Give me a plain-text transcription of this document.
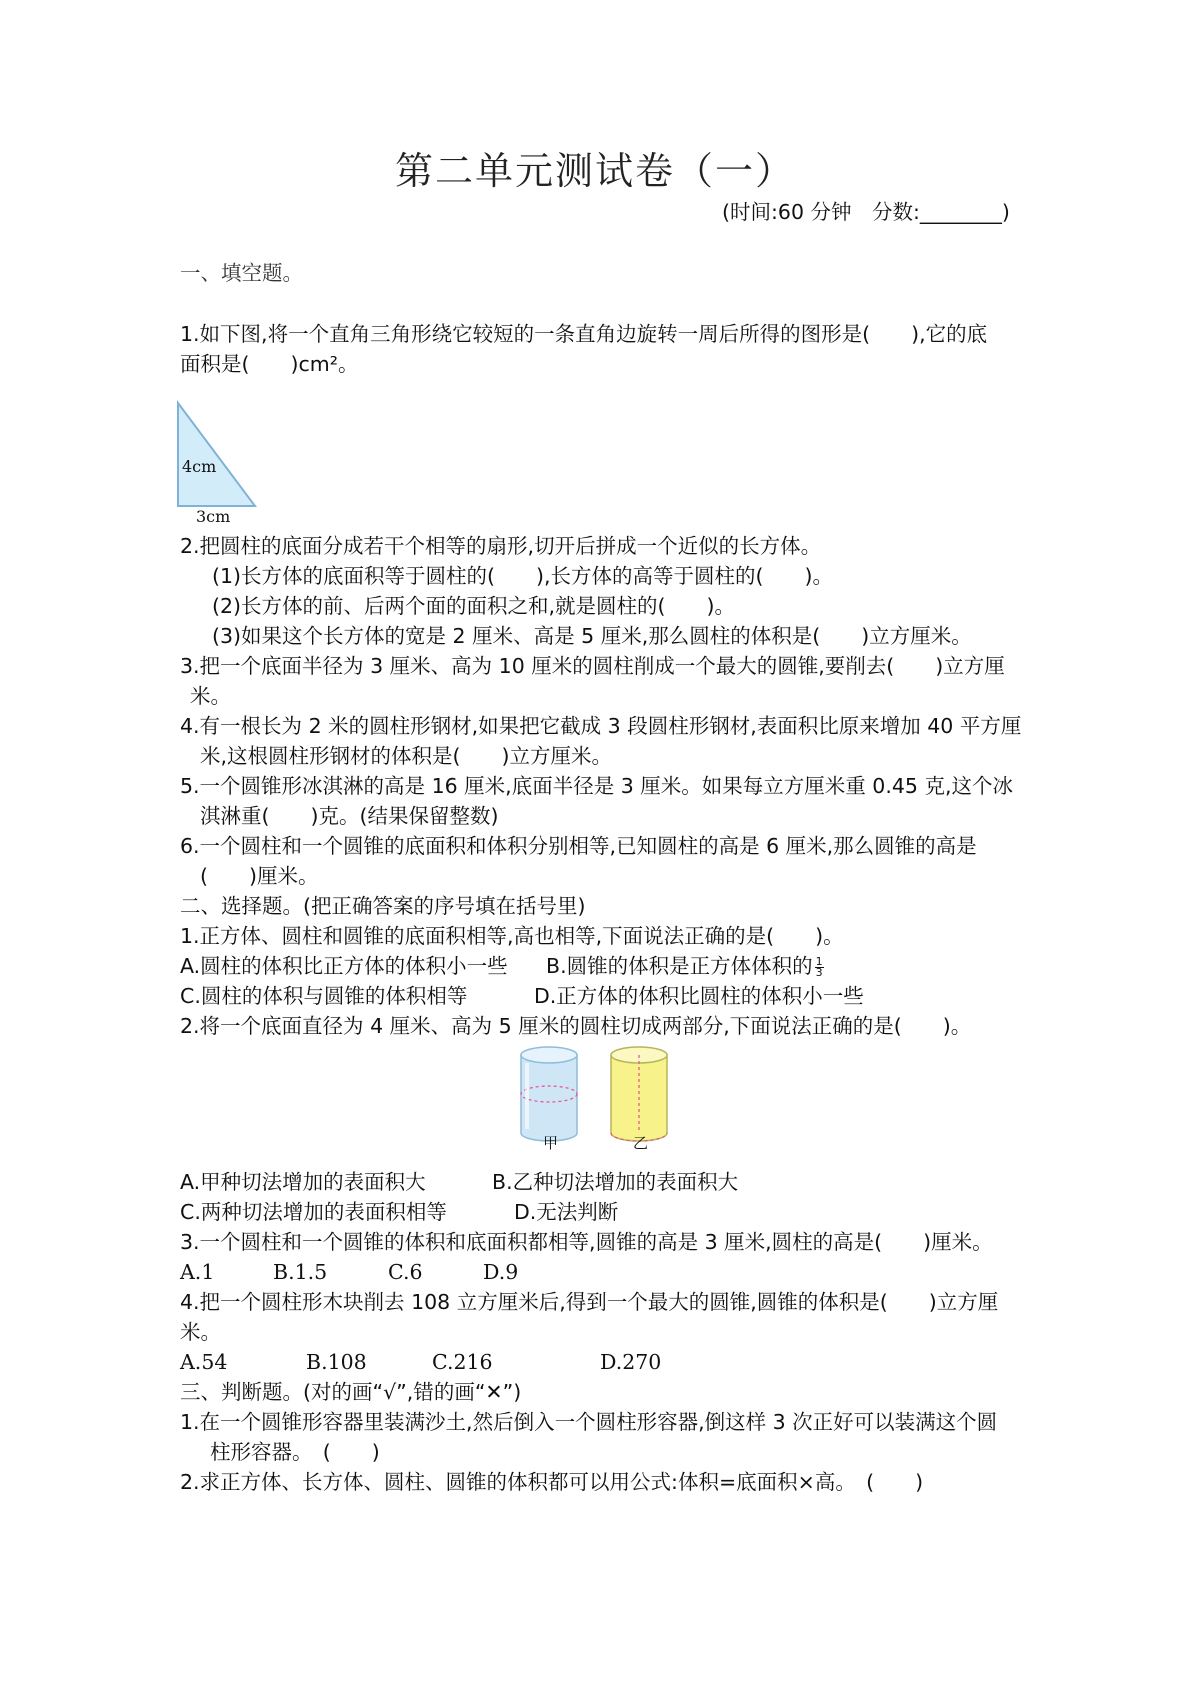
第二单元测试卷（一）
(时间:60 分钟　分数:________)
一、填空题。
1.如下图,将一个直角三角形绕它较短的一条直角边旋转一周后所得的图形是(　　),它的底
面积是(　　)cm²。
4cm
3cm
2.把圆柱的底面分成若干个相等的扇形,切开后拼成一个近似的长方体。
(1)长方体的底面积等于圆柱的(　　),长方体的高等于圆柱的(　　)。
(2)长方体的前、后两个面的面积之和,就是圆柱的(　　)。
(3)如果这个长方体的宽是 2 厘米、高是 5 厘米,那么圆柱的体积是(　　)立方厘米。
3.把一个底面半径为 3 厘米、高为 10 厘米的圆柱削成一个最大的圆锥,要削去(　　)立方厘
米。
4.有一根长为 2 米的圆柱形钢材,如果把它截成 3 段圆柱形钢材,表面积比原来增加 40 平方厘
米,这根圆柱形钢材的体积是(　　)立方厘米。
5.一个圆锥形冰淇淋的高是 16 厘米,底面半径是 3 厘米。如果每立方厘米重 0.45 克,这个冰
淇淋重(　　)克。(结果保留整数)
6.一个圆柱和一个圆锥的底面积和体积分别相等,已知圆柱的高是 6 厘米,那么圆锥的高是
(　　)厘米。
二、选择题。(把正确答案的序号填在括号里)
1.正方体、圆柱和圆锥的底面积相等,高也相等,下面说法正确的是(　　)。
A.圆柱的体积比正方体的体积小一些 B.圆锥的体积是正方体体积的 $\frac{1}{3}$
C.圆柱的体积与圆锥的体积相等	D.正方体的体积比圆柱的体积小一些
2.将一个底面直径为 4 厘米、高为 5 厘米的圆柱切成两部分,下面说法正确的是(　　)。
甲	乙
A.甲种切法增加的表面积大	B.乙种切法增加的表面积大
C.两种切法增加的表面积相等	D.无法判断
3.一个圆柱和一个圆锥的体积和底面积都相等,圆锥的高是 3 厘米,圆柱的高是(　　)厘米。
A.1	B.1.5	C.6	D.9
4.把一个圆柱形木块削去 108 立方厘米后,得到一个最大的圆锥,圆锥的体积是(　　)立方厘
米。
A.54	B.108	C.216	D.270
三、判断题。(对的画“√”,错的画“✕”)
1.在一个圆锥形容器里装满沙土,然后倒入一个圆柱形容器,倒这样 3 次正好可以装满这个圆
柱形容器。　(　　)
2.求正方体、长方体、圆柱、圆锥的体积都可以用公式:体积=底面积×高。　(　　)
